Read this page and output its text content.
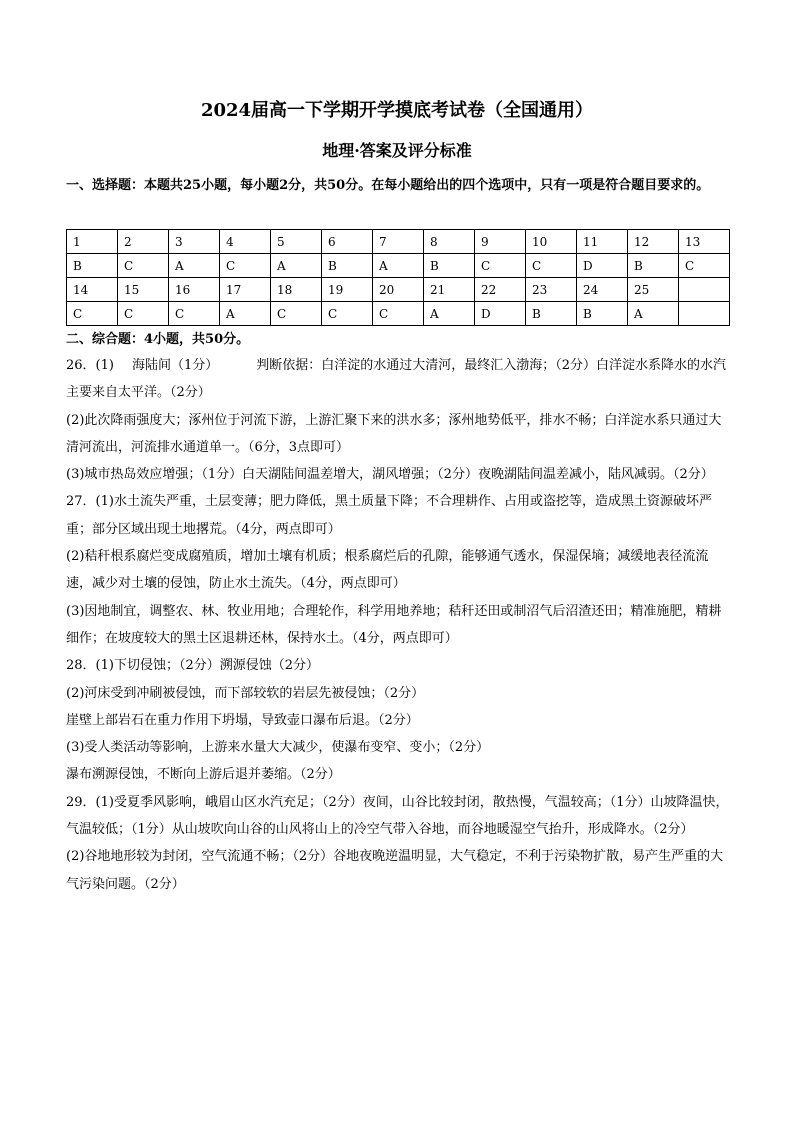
2024届高一下学期开学摸底考试卷（全国通用）
地理·答案及评分标准
一、选择题：本题共25小题，每小题2分，共50分。在每小题给出的四个选项中，只有一项是符合题目要求的。
1	2	3	4	5	6	7	8	9	10	11	12	13
B	C	A	C	A	B	A	B	C	C	D	B	C
14	15	16	17	18	19	20	21	22	23	24	25	
C	C	C	A	C	C	C	A	D	B	B	A	
二、综合题：4小题，共50分。

26．(1) 海陆间（1分）	判断依据：白洋淀的水通过大清河，最终汇入渤海；（2分）白洋淀水系降水的水汽主要来自太平洋。（2分）

(2)此次降雨强度大；涿州位于河流下游，上游汇聚下来的洪水多；涿州地势低平，排水不畅；白洋淀水系只通过大清河流出，河流排水通道单一。（6分，3点即可）

(3)城市热岛效应增强；（1分）白天湖陆间温差增大，湖风增强；（2分）夜晚湖陆间温差减小，陆风减弱。（2分）

27．(1)水土流失严重，土层变薄；肥力降低，黑土质量下降；不合理耕作、占用或盗挖等，造成黑土资源破坏严重；部分区域出现土地撂荒。（4分，两点即可）

(2)秸秆根系腐烂变成腐殖质，增加土壤有机质；根系腐烂后的孔隙，能够通气透水，保湿保墒；减缓地表径流流速，减少对土壤的侵蚀，防止水土流失。（4分，两点即可）

(3)因地制宜，调整农、林、牧业用地；合理轮作，科学用地养地；秸秆还田或制沼气后沼渣还田；精准施肥，精耕细作；在坡度较大的黑土区退耕还林，保持水土。（4分，两点即可）

28．(1)下切侵蚀；（2分）溯源侵蚀（2分）

(2)河床受到冲刷被侵蚀，而下部较软的岩层先被侵蚀；（2分）

崖壁上部岩石在重力作用下坍塌，导致壶口瀑布后退。（2分）

(3)受人类活动等影响，上游来水量大大减少，使瀑布变窄、变小；（2分）

瀑布溯源侵蚀，不断向上游后退并萎缩。（2分）

29．(1)受夏季风影响，峨眉山区水汽充足；（2分）夜间，山谷比较封闭，散热慢，气温较高；（1分）山坡降温快，气温较低；（1分）从山坡吹向山谷的山风将山上的冷空气带入谷地，而谷地暖湿空气抬升，形成降水。（2分）

(2)谷地地形较为封闭，空气流通不畅；（2分）谷地夜晚逆温明显，大气稳定，不利于污染物扩散，易产生严重的大气污染问题。（2分）
